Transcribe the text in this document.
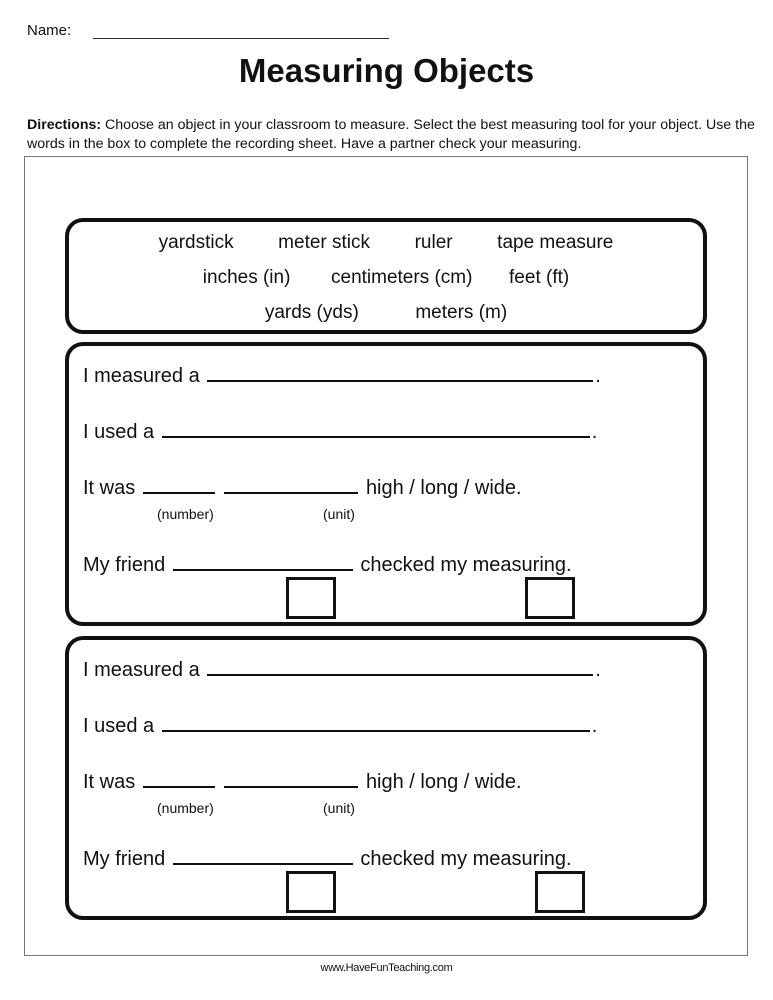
Name:
Measuring Objects
Directions: Choose an object in your classroom to measure. Select the best measuring tool for your object. Use the words in the box to complete the recording sheet. Have a partner check your measuring.
yardstick meter stick ruler tape measure
inches (in) centimeters (cm) feet (ft)
yards (yds)	meters (m)
I measured a	.
I used a	.
It was	high / long / wide.
(number)	(unit)
My friend	checked my measuring.
I measured a	.
I used a	.
It was	high / long / wide.
(number)	(unit)
My friend	checked my measuring.
www.HaveFunTeaching.com
